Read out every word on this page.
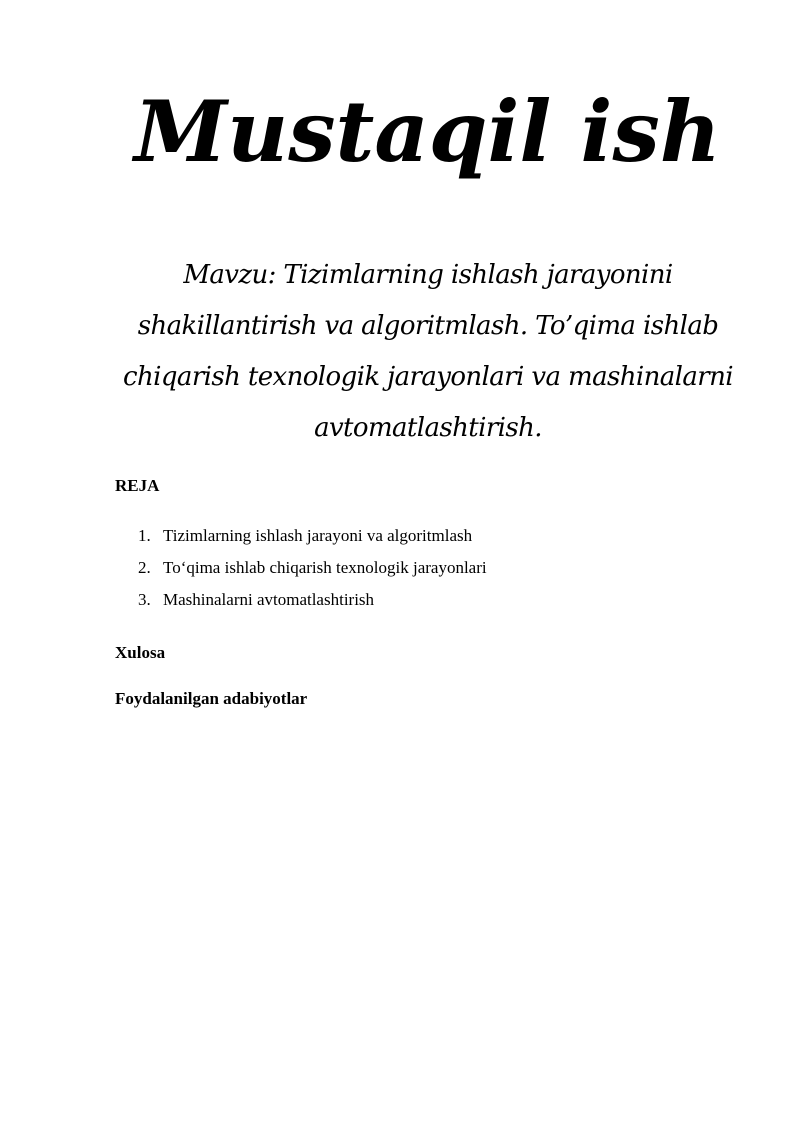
Mustaqil ish
Mavzu: Tizimlarning ishlash jarayonini shakillantirish va algoritmlash. To’qima ishlab chiqarish texnologik jarayonlari va mashinalarni avtomatlashtirish.
REJA
1. Tizimlarning ishlash jarayoni va algoritmlash
2. To‘qima ishlab chiqarish texnologik jarayonlari
3. Mashinalarni avtomatlashtirish
Xulosa
Foydalanilgan adabiyotlar
